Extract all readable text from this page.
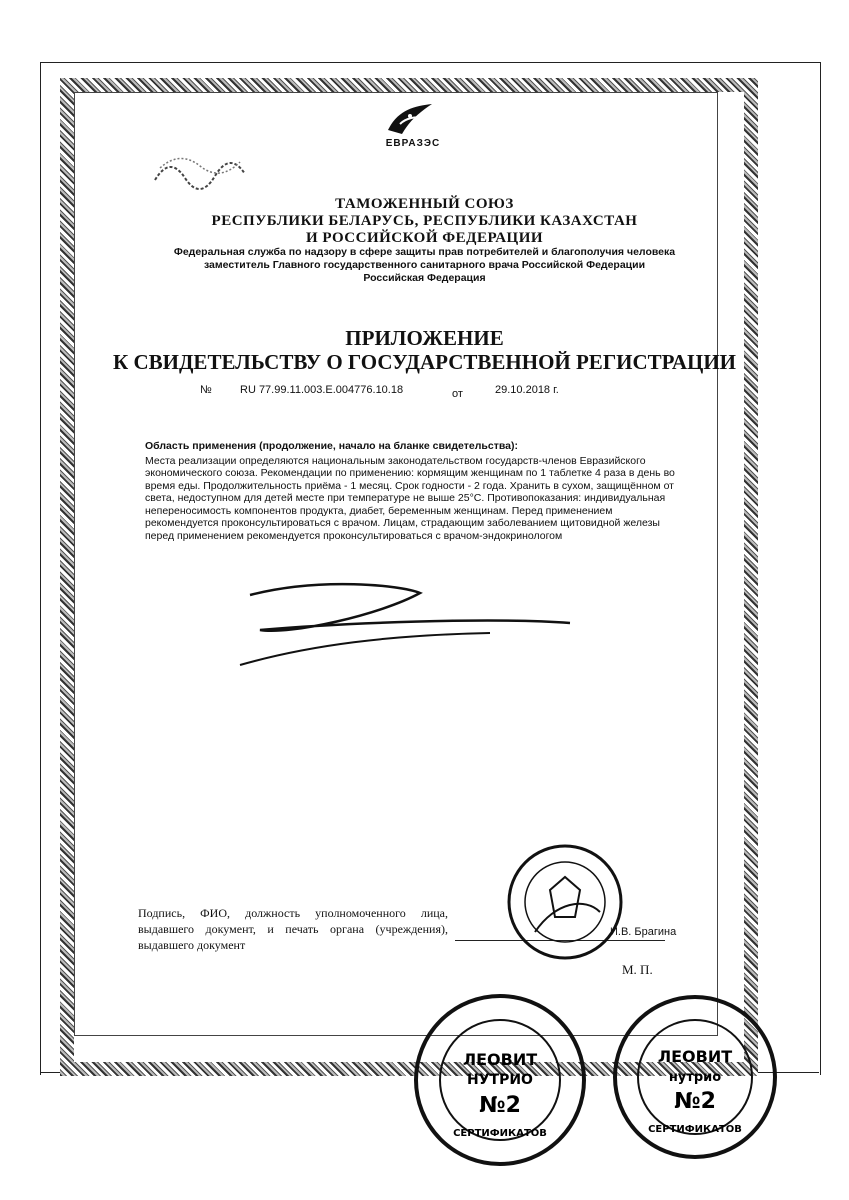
ЕВРАЗЭС
ТАМОЖЕННЫЙ СОЮЗ
РЕСПУБЛИКИ БЕЛАРУСЬ, РЕСПУБЛИКИ КАЗАХСТАН
И РОССИЙСКОЙ ФЕДЕРАЦИИ
Федеральная служба по надзору в сфере защиты прав потребителей и благополучия человека
заместитель Главного государственного санитарного врача Российской Федерации
Российская Федерация
ПРИЛОЖЕНИЕ
К СВИДЕТЕЛЬСТВУ О ГОСУДАРСТВЕННОЙ РЕГИСТРАЦИИ
№	RU 77.99.11.003.Е.004776.10.18	от	29.10.2018 г.
Область применения (продолжение, начало на бланке свидетельства):
Места реализации определяются национальным законодательством государств-членов Евразийского экономического союза. Рекомендации по применению: кормящим женщинам по 1 таблетке 4 раза в день во время еды. Продолжительность приёма - 1 месяц. Срок годности - 2 года. Хранить в сухом, защищённом от света, недоступном для детей месте при температуре не выше 25°С. Противопоказания: индивидуальная непереносимость компонентов продукта, диабет, беременным женщинам. Перед применением рекомендуется проконсультироваться с врачом. Лицам, страдающим заболеванием щитовидной железы перед применением рекомендуется проконсультироваться с врачом-эндокринологом
Подпись, ФИО, должность уполномоченного лица, выдавшего документ, и печать органа (учреждения), выдавшего документ
И.В. Брагина
М. П.
ЛЕОВИТ
НУТРИО
№2
СЕРТИФИКАТОВ
ЛЕОВИТ
нутрио
№2
СЕРТИФИКАТОВ
